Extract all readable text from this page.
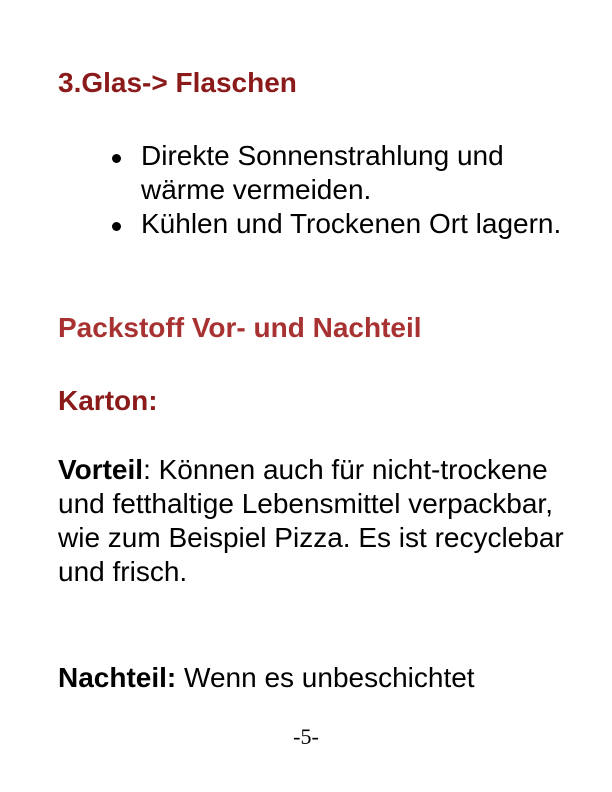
3.Glas-> Flaschen
Direkte Sonnenstrahlung und wärme vermeiden.
Kühlen und Trockenen Ort lagern.
Packstoff Vor- und Nachteil
Karton:

Vorteil: Können auch für nicht-trockene und fetthaltige Lebensmittel verpackbar, wie zum Beispiel Pizza. Es ist recyclebar und frisch.

Nachteil: Wenn es unbeschichtet

-5-
